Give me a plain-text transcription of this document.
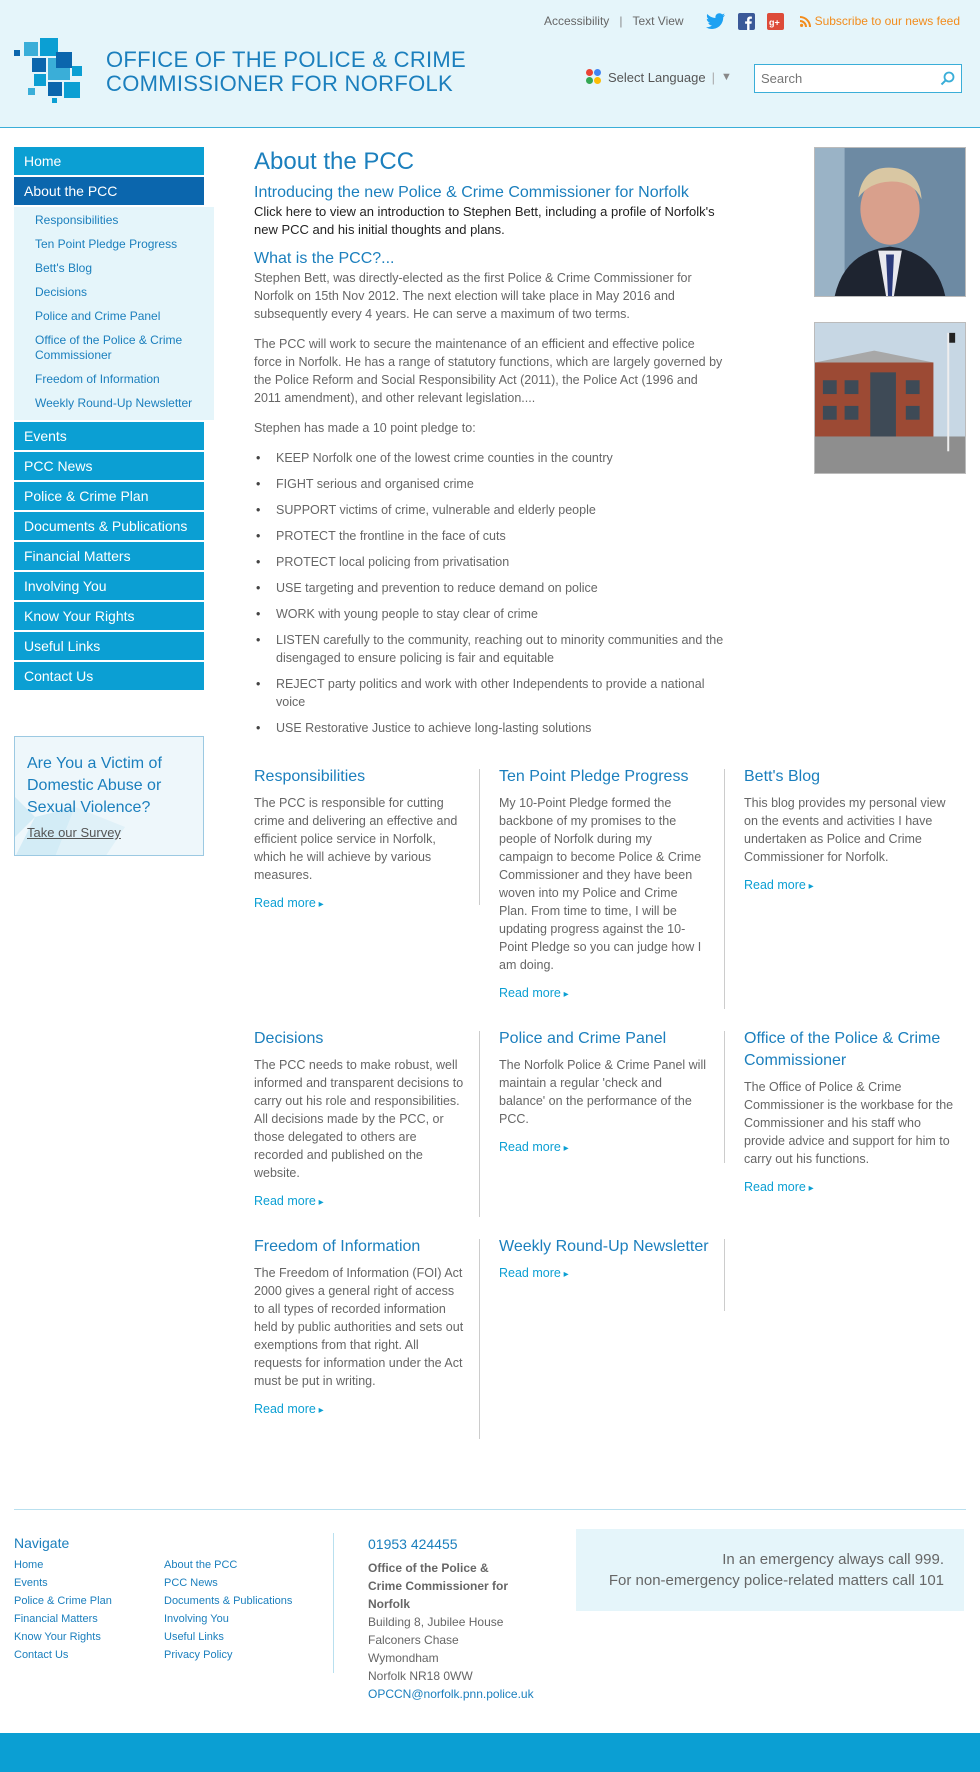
OFFICE OF THE POLICE & CRIME
COMMISSIONER FOR NORFOLK
Accessibility | Text View	g+	Subscribe to our news feed
Select Language | ▼
Search
Home
About the PCC
Responsibilities
Ten Point Pledge Progress
Bett's Blog
Decisions
Police and Crime Panel
Office of the Police & Crime Commissioner
Freedom of Information
Weekly Round-Up Newsletter
Events
PCC News
Police & Crime Plan
Documents & Publications
Financial Matters
Involving You
Know Your Rights
Useful Links
Contact Us
Are You a Victim of Domestic Abuse or Sexual Violence?
Take our Survey
About the PCC
Introducing the new Police & Crime Commissioner for Norfolk

Click here to view an introduction to Stephen Bett, including a profile of Norfolk's new PCC and his initial thoughts and plans.

What is the PCC?...

Stephen Bett, was directly-elected as the first Police & Crime Commissioner for Norfolk on 15th Nov 2012. The next election will take place in May 2016 and subsequently every 4 years. He can serve a maximum of two terms.

The PCC will work to secure the maintenance of an efficient and effective police force in Norfolk. He has a range of statutory functions, which are largely governed by the Police Reform and Social Responsibility Act (2011), the Police Act (1996 and 2011 amendment), and other relevant legislation....

Stephen has made a 10 point pledge to:

• KEEP Norfolk one of the lowest crime counties in the country
• FIGHT serious and organised crime
• SUPPORT victims of crime, vulnerable and elderly people
• PROTECT the frontline in the face of cuts
• PROTECT local policing from privatisation
• USE targeting and prevention to reduce demand on police
• WORK with young people to stay clear of crime
• LISTEN carefully to the community, reaching out to minority communities and the disengaged to ensure policing is fair and equitable
• REJECT party politics and work with other Independents to provide a national voice
• USE Restorative Justice to achieve long-lasting solutions
Responsibilities

The PCC is responsible for cutting crime and delivering an effective and efficient police service in Norfolk, which he will achieve by various measures.

Read more ▸
Ten Point Pledge Progress

My 10-Point Pledge formed the backbone of my promises to the people of Norfolk during my campaign to become Police & Crime Commissioner and they have been woven into my Police and Crime Plan. From time to time, I will be updating progress against the 10-Point Pledge so you can judge how I am doing.

Read more ▸
Bett's Blog

This blog provides my personal view on the events and activities I have undertaken as Police and Crime Commissioner for Norfolk.

Read more ▸
Decisions

The PCC needs to make robust, well informed and transparent decisions to carry out his role and responsibilities. All decisions made by the PCC, or those delegated to others are recorded and published on the website.

Read more ▸
Police and Crime Panel

The Norfolk Police & Crime Panel will maintain a regular 'check and balance' on the performance of the PCC.

Read more ▸
Office of the Police & Crime Commissioner

The Office of Police & Crime Commissioner is the workbase for the Commissioner and his staff who provide advice and support for him to carry out his functions.

Read more ▸
Freedom of Information

The Freedom of Information (FOI) Act 2000 gives a general right of access to all types of recorded information held by public authorities and sets out exemptions from that right. All requests for information under the Act must be put in writing.

Read more ▸
Weekly Round-Up Newsletter
Read more ▸
Navigate
Home
Events
Police & Crime Plan
Financial Matters
Know Your Rights
Contact Us
About the PCC
PCC News
Documents & Publications
Involving You
Useful Links
Privacy Policy
01953 424455
Office of the Police &
Crime Commissioner for
Norfolk
Building 8, Jubilee House
Falconers Chase
Wymondham
Norfolk NR18 0WW
OPCCN@norfolk.pnn.police.uk
In an emergency always call 999.
For non-emergency police-related matters call 101
